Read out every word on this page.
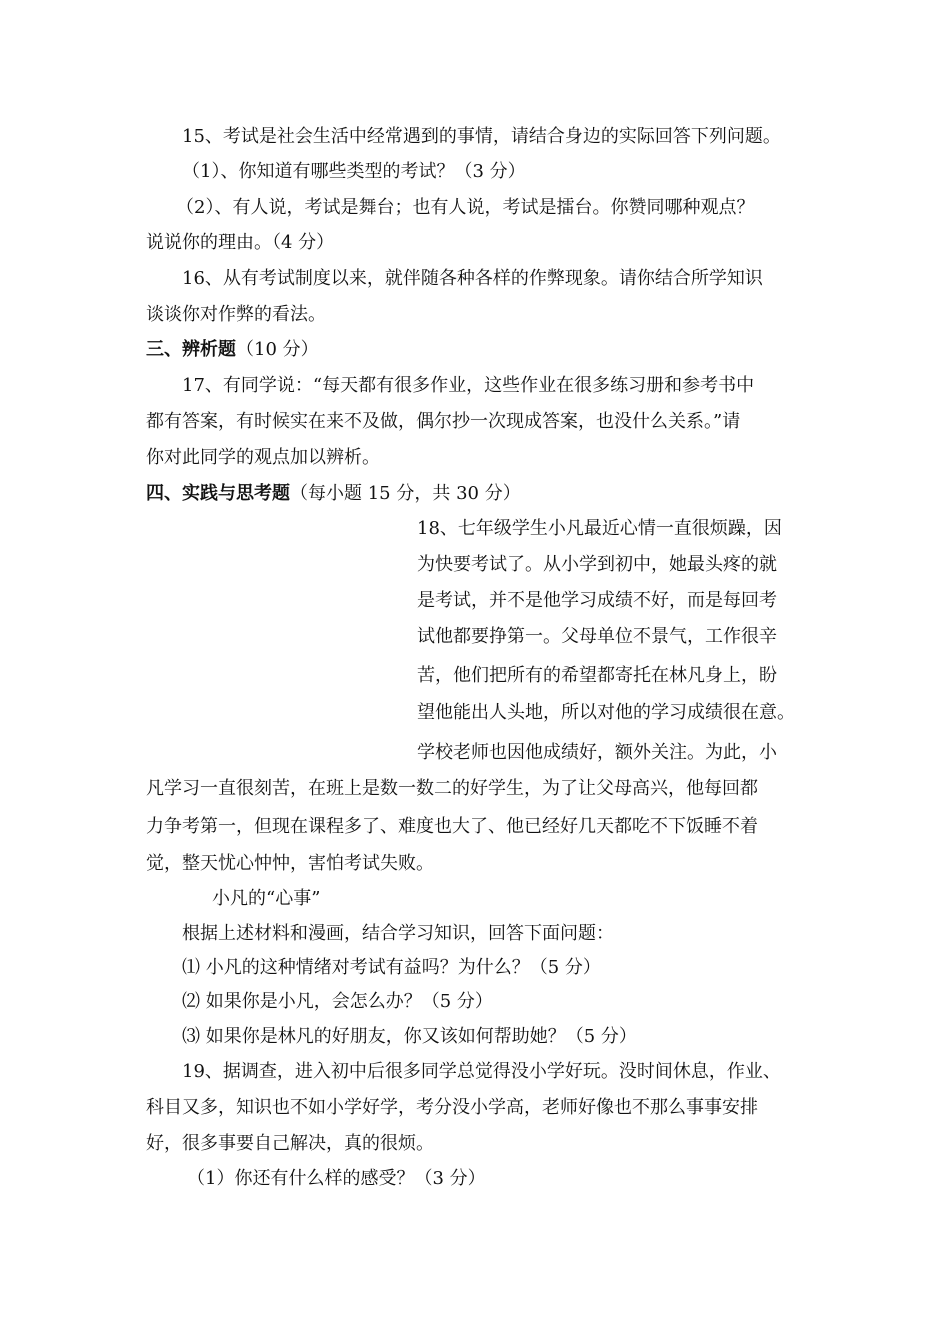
15、考试是社会生活中经常遇到的事情，请结合身边的实际回答下列问题。

（1）、你知道有哪些类型的考试？（3 分）

（2）、有人说，考试是舞台；也有人说，考试是擂台。你赞同哪种观点？

说说你的理由。（4 分）

16、从有考试制度以来，就伴随各种各样的作弊现象。请你结合所学知识

谈谈你对作弊的看法。

三、辨析题（10 分）

17、有同学说：“每天都有很多作业，这些作业在很多练习册和参考书中

都有答案，有时候实在来不及做，偶尔抄一次现成答案，也没什么关系。”请

你对此同学的观点加以辨析。

四、实践与思考题（每小题 15 分，共 30 分）

18、七年级学生小凡最近心情一直很烦躁，因

为快要考试了。从小学到初中，她最头疼的就

是考试，并不是他学习成绩不好，而是每回考

试他都要挣第一。父母单位不景气，工作很辛

苦，他们把所有的希望都寄托在林凡身上，盼

望他能出人头地，所以对他的学习成绩很在意。

学校老师也因他成绩好，额外关注。为此，小

凡学习一直很刻苦，在班上是数一数二的好学生，为了让父母高兴，他每回都

力争考第一，但现在课程多了、难度也大了、他已经好几天都吃不下饭睡不着

觉，整天忧心忡忡，害怕考试失败。

小凡的“心事”

根据上述材料和漫画，结合学习知识，回答下面问题：

⑴ 小凡的这种情绪对考试有益吗？为什么？（5 分）

⑵ 如果你是小凡，会怎么办？（5 分）

⑶ 如果你是林凡的好朋友，你又该如何帮助她？（5 分）

19、据调查，进入初中后很多同学总觉得没小学好玩。没时间休息，作业、

科目又多，知识也不如小学好学，考分没小学高，老师好像也不那么事事安排

好，很多事要自己解决，真的很烦。

（1）你还有什么样的感受？（3 分）
